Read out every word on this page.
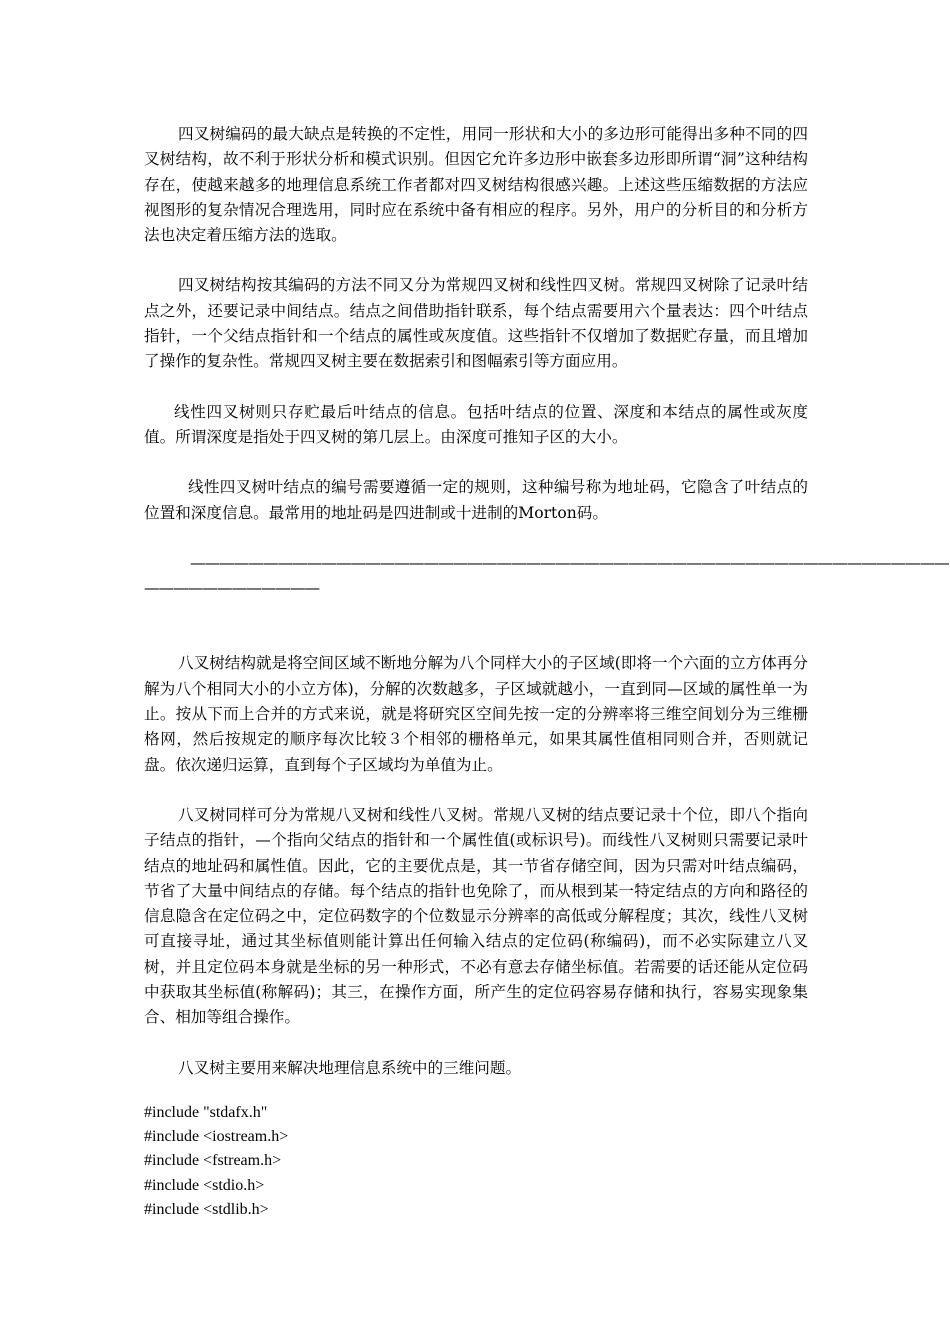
四叉树编码的最大缺点是转换的不定性，用同一形状和大小的多边形可能得出多种不同的四叉树结构，故不利于形状分析和模式识别。但因它允许多边形中嵌套多边形即所谓“洞”这种结构存在，使越来越多的地理信息系统工作者都对四叉树结构很感兴趣。上述这些压缩数据的方法应视图形的复杂情况合理选用，同时应在系统中备有相应的程序。另外，用户的分析目的和分析方法也决定着压缩方法的选取。

四叉树结构按其编码的方法不同又分为常规四叉树和线性四叉树。常规四叉树除了记录叶结点之外，还要记录中间结点。结点之间借助指针联系，每个结点需要用六个量表达：四个叶结点指针，一个父结点指针和一个结点的属性或灰度值。这些指针不仅增加了数据贮存量，而且增加了操作的复杂性。常规四叉树主要在数据索引和图幅索引等方面应用。

线性四叉树则只存贮最后叶结点的信息。包括叶结点的位置、深度和本结点的属性或灰度值。所谓深度是指处于四叉树的第几层上。由深度可推知子区的大小。

线性四叉树叶结点的编号需要遵循一定的规则，这种编号称为地址码，它隐含了叶结点的位置和深度信息。最常用的地址码是四进制或十进制的Morton码。

————————————————————————————————————————————————————

————————————

八叉树结构就是将空间区域不断地分解为八个同样大小的子区域(即将一个六面的立方体再分解为八个相同大小的小立方体)，分解的次数越多，子区域就越小，一直到同—区域的属性单一为止。按从下而上合并的方式来说，就是将研究区空间先按一定的分辨率将三维空间划分为三维栅格网，然后按规定的顺序每次比较３个相邻的栅格单元，如果其属性值相同则合并，否则就记盘。依次递归运算，直到每个子区域均为单值为止。

八叉树同样可分为常规八叉树和线性八叉树。常规八叉树的结点要记录十个位，即八个指向子结点的指针，—个指向父结点的指针和一个属性值(或标识号)。而线性八叉树则只需要记录叶结点的地址码和属性值。因此，它的主要优点是，其一节省存储空间，因为只需对叶结点编码，节省了大量中间结点的存储。每个结点的指针也免除了，而从根到某一特定结点的方向和路径的信息隐含在定位码之中，定位码数字的个位数显示分辨率的高低或分解程度；其次，线性八叉树可直接寻址，通过其坐标值则能计算出任何输入结点的定位码(称编码)，而不必实际建立八叉树，并且定位码本身就是坐标的另一种形式，不必有意去存储坐标值。若需要的话还能从定位码中获取其坐标值(称解码)；其三，在操作方面，所产生的定位码容易存储和执行，容易实现象集合、相加等组合操作。

八叉树主要用来解决地理信息系统中的三维问题。

#include "stdafx.h"
#include <iostream.h>
#include <fstream.h>
#include <stdio.h>
#include <stdlib.h>
